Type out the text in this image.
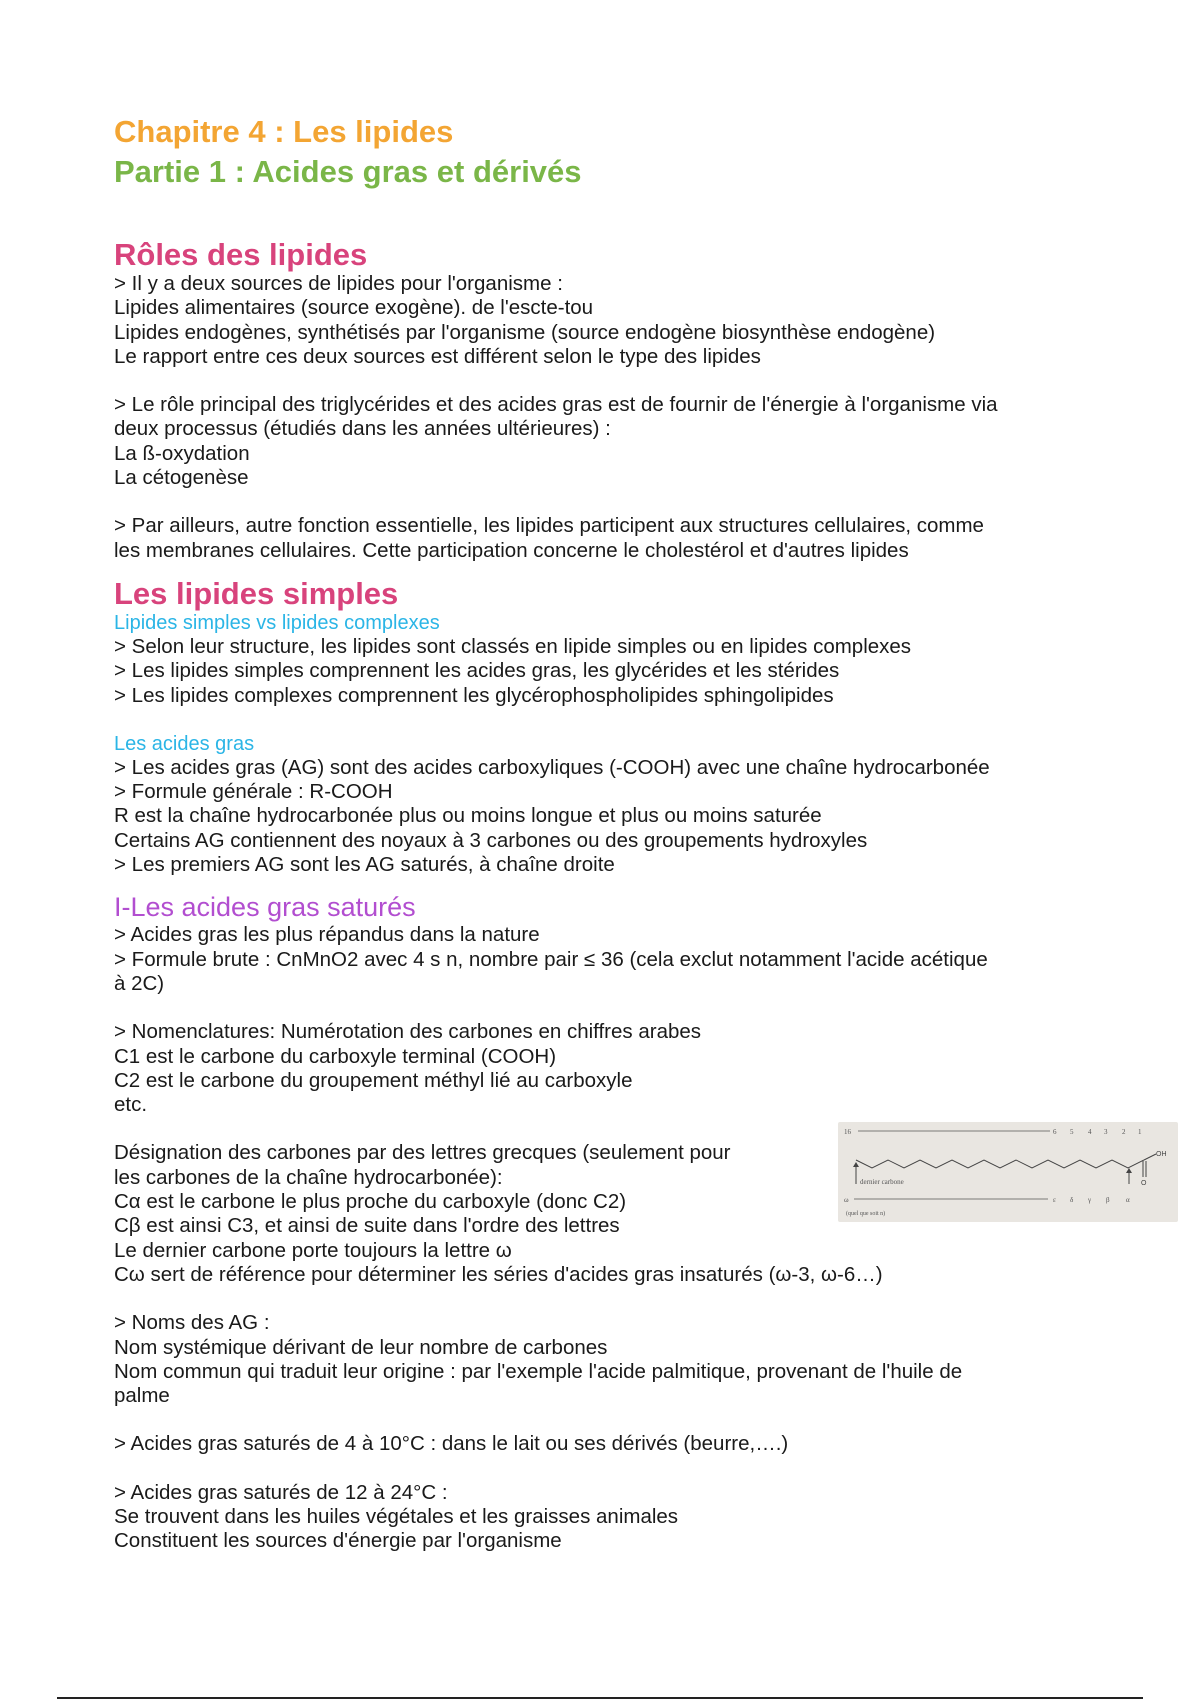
Chapitre 4 : Les lipides
Partie 1 : Acides gras et dérivés
Rôles des lipides

> Il y a deux sources de lipides pour l'organisme :

Lipides alimentaires (source exogène). de l'escte-tou

Lipides endogènes, synthétisés par l'organisme (source endogène biosynthèse endogène)

Le rapport entre ces deux sources est différent selon le type des lipides

> Le rôle principal des triglycérides et des acides gras est de fournir de l'énergie à l'organisme via

deux processus (étudiés dans les années ultérieures) :

La ß-oxydation

La cétogenèse

> Par ailleurs, autre fonction essentielle, les lipides participent aux structures cellulaires, comme

les membranes cellulaires. Cette participation concerne le cholestérol et d'autres lipides

Les lipides simples
Lipides simples vs lipides complexes

> Selon leur structure, les lipides sont classés en lipide simples ou en lipides complexes

> Les lipides simples comprennent les acides gras, les glycérides et les stérides

> Les lipides complexes comprennent les glycérophospholipides sphingolipides

Les acides gras

> Les acides gras (AG) sont des acides carboxyliques (-COOH) avec une chaîne hydrocarbonée

> Formule générale : R-COOH

R est la chaîne hydrocarbonée plus ou moins longue et plus ou moins saturée

Certains AG contiennent des noyaux à 3 carbones ou des groupements hydroxyles

> Les premiers AG sont les AG saturés, à chaîne droite

I-Les acides gras saturés

> Acides gras les plus répandus dans la nature

> Formule brute : CnMnO2 avec 4 s n, nombre pair ≤ 36 (cela exclut notamment l'acide acétique

à 2C)

> Nomenclatures: Numérotation des carbones en chiffres arabes

C1 est le carbone du carboxyle terminal (COOH)

C2 est le carbone du groupement méthyl lié au carboxyle

etc.

Désignation des carbones par des lettres grecques (seulement pour

les carbones de la chaîne hydrocarbonée):

Cα est le carbone le plus proche du carboxyle (donc C2)

Cβ est ainsi C3, et ainsi de suite dans l'ordre des lettres

Le dernier carbone porte toujours la lettre ω

Cω sert de référence pour déterminer les séries d'acides gras insaturés (ω-3, ω-6…)

> Noms des AG :

Nom systémique dérivant de leur nombre de carbones

Nom commun qui traduit leur origine : par l'exemple l'acide palmitique, provenant de l'huile de

palme

> Acides gras saturés de 4 à 10°C : dans le lait ou ses dérivés (beurre,….)

> Acides gras saturés de 12 à 24°C :

Se trouvent dans les huiles végétales et les graisses animales

Constituent les sources d'énergie par l'organisme

16	6 5 4 3 2 1
OH
O
dernier carbone
ω	ε δ γ β α
(quel que soit n)
